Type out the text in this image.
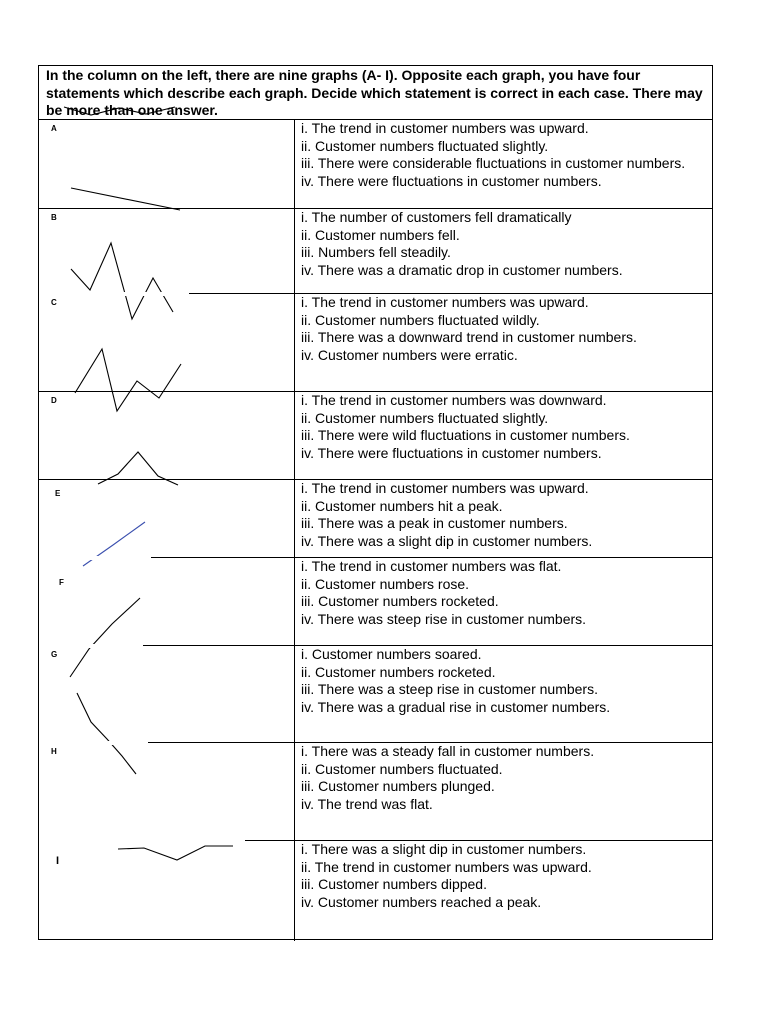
In the column on the left, there are nine graphs (A- I). Opposite each graph, you have four statements which describe each graph. Decide which statement is correct in each case. There may be more than one answer.
A	i. The trend in customer numbers was upward.
ii. Customer numbers fluctuated slightly.
iii. There were considerable fluctuations in customer numbers.
iv. There were fluctuations in customer numbers.
B	i. The number of customers fell dramatically
ii. Customer numbers fell.
iii. Numbers fell steadily.
iv. There was a dramatic drop in customer numbers.
C	i. The trend in customer numbers was upward.
ii. Customer numbers fluctuated wildly.
iii. There was a downward trend in customer numbers.
iv. Customer numbers were erratic.
D	i. The trend in customer numbers was downward.
ii. Customer numbers fluctuated slightly.
iii. There were wild fluctuations in customer numbers.
iv. There were fluctuations in customer numbers.
E	i. The trend in customer numbers was upward.
ii. Customer numbers hit a peak.
iii. There was a peak in customer numbers.
iv. There was a slight dip in customer numbers.
F
i. The trend in customer numbers was flat.
ii. Customer numbers rose.
iii. Customer numbers rocketed.
iv. There was steep rise in customer numbers.
G	i. Customer numbers soared.
ii. Customer numbers rocketed.
iii. There was a steep rise in customer numbers.
iv. There was a gradual rise in customer numbers.
H	i. There was a steady fall in customer numbers.
ii. Customer numbers fluctuated.
iii. Customer numbers plunged.
iv. The trend was flat.
I
i. There was a slight dip in customer numbers.
ii. The trend in customer numbers was upward.
iii. Customer numbers dipped.
iv. Customer numbers reached a peak.
